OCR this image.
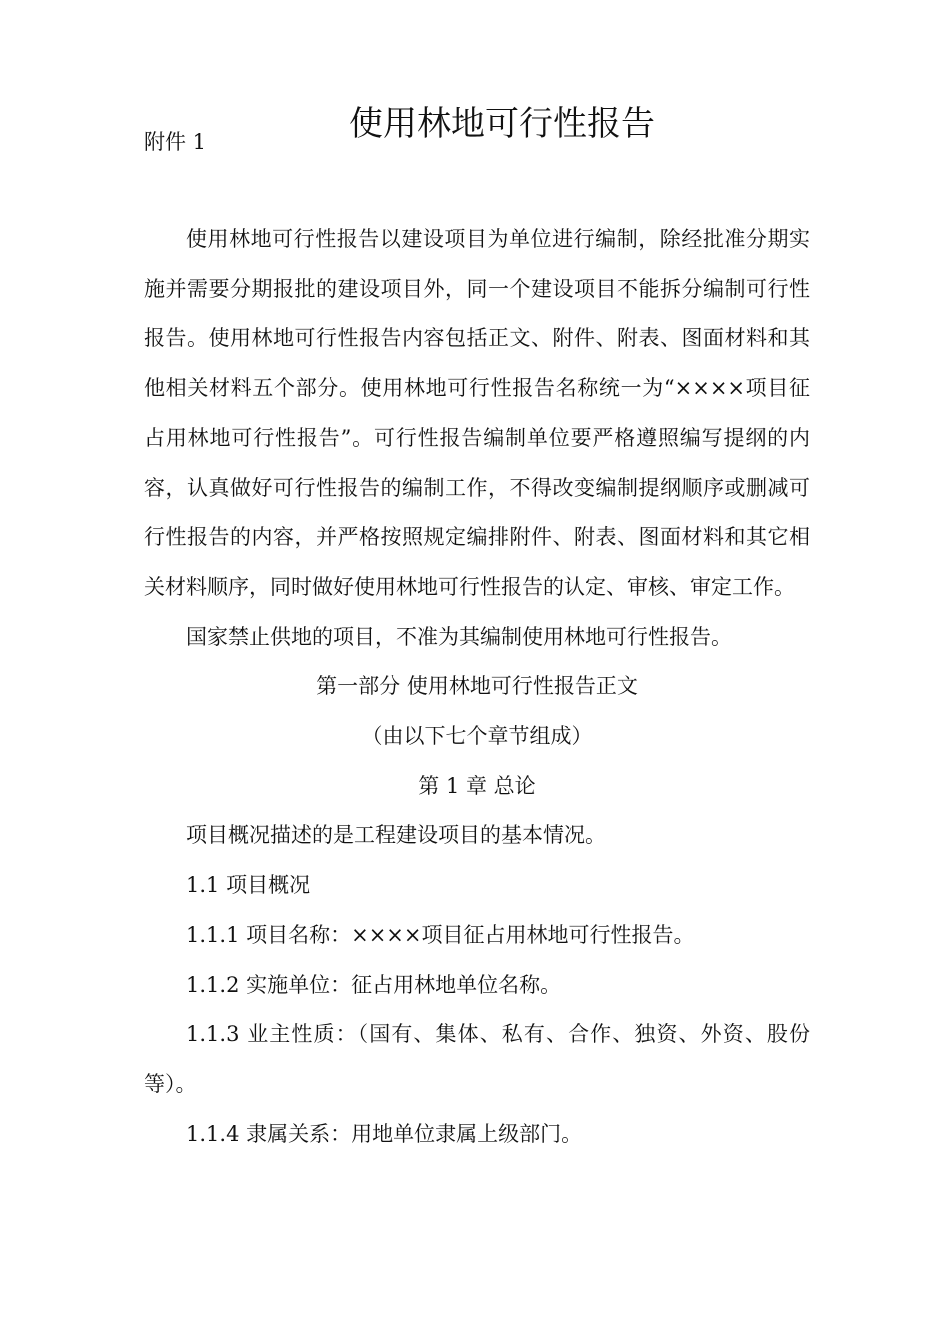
附件 1	使用林地可行性报告

使用林地可行性报告以建设项目为单位进行编制，除经批准分期实施并需要分期报批的建设项目外，同一个建设项目不能拆分编制可行性报告。使用林地可行性报告内容包括正文、附件、附表、图面材料和其他相关材料五个部分。使用林地可行性报告名称统一为“××××项目征占用林地可行性报告”。可行性报告编制单位要严格遵照编写提纲的内容，认真做好可行性报告的编制工作，不得改变编制提纲顺序或删减可行性报告的内容，并严格按照规定编排附件、附表、图面材料和其它相关材料顺序，同时做好使用林地可行性报告的认定、审核、审定工作。

国家禁止供地的项目，不准为其编制使用林地可行性报告。

第一部分 使用林地可行性报告正文

（由以下七个章节组成）

第 1 章 总论

项目概况描述的是工程建设项目的基本情况。

1.1 项目概况

1.1.1 项目名称：××××项目征占用林地可行性报告。

1.1.2 实施单位：征占用林地单位名称。

1.1.3 业主性质：（国有、集体、私有、合作、独资、外资、股份等）。

1.1.4 隶属关系：用地单位隶属上级部门。
